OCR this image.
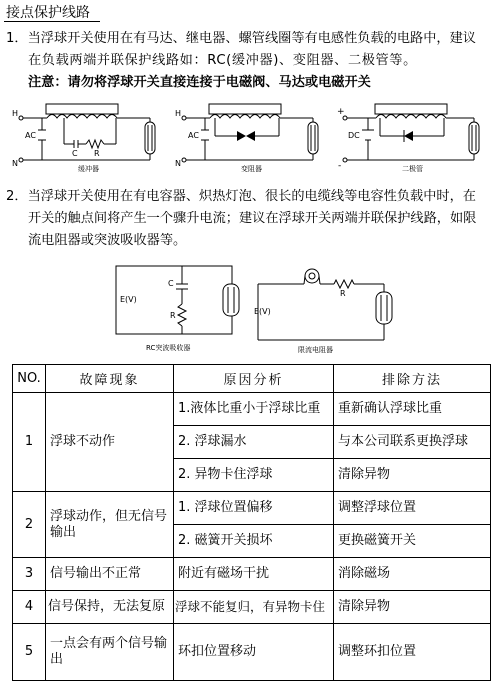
接点保护线路
1．当浮球开关使用在有马达、继电器、螺管线圈等有电感性负载的电路中，建议
在负载两端并联保护线路如：RC(缓冲器)、变阻器、二极管等。
注意：请勿将浮球开关直接连接于电磁阀、马达或电磁开关
H
N
AC
C R
缓冲器
H
N
AC
变阻器
+
-
DC
二极管
2．当浮球开关使用在有电容器、炽热灯泡、很长的电缆线等电容性负载中时，在
开关的触点间将产生一个骤升电流；建议在浮球开关两端并联保护线路，如限
流电阻器或突波吸收器等。
E(V)
C
R
RC突波吸收器
E(V)
R
限流电阻器
NO.	故障现象	原因分析	排除方法
1	浮球不动作	1.液体比重小于浮球比重	重新确认浮球比重
		2. 浮球漏水	与本公司联系更换浮球
		2. 异物卡住浮球	清除异物
2	浮球动作，但无信号输出	1. 浮球位置偏移	调整浮球位置
		2. 磁簧开关损坏	更换磁簧开关
3	信号输出不正常	附近有磁场干扰	消除磁场
4	信号保持，无法复原	浮球不能复归，有异物卡住	清除异物
5	一点会有两个信号输出	环扣位置移动	调整环扣位置
